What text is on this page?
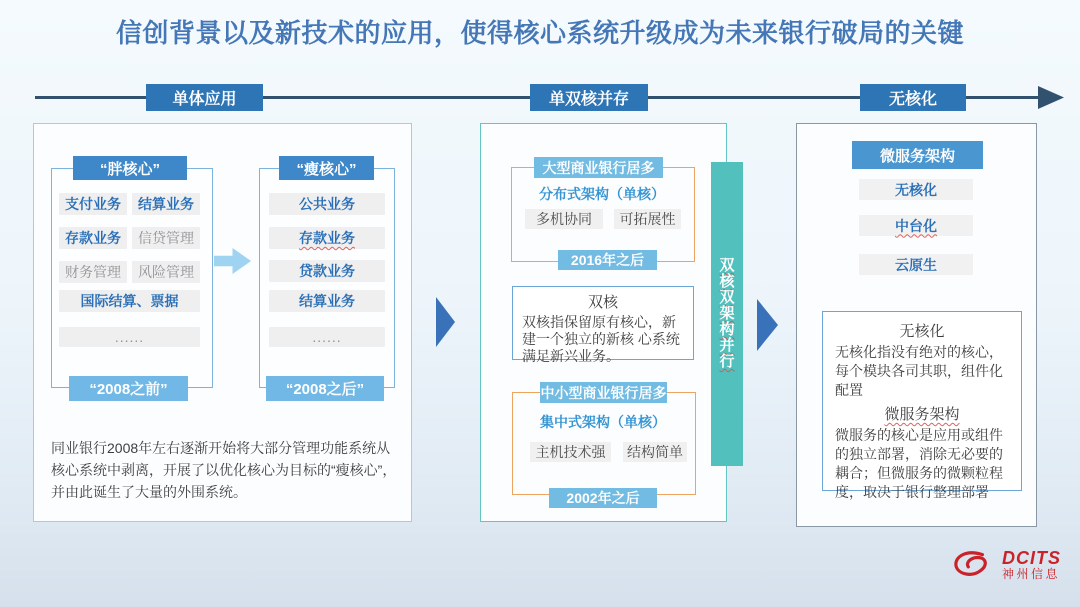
信创背景以及新技术的应用，使得核心系统升级成为未来银行破局的关键
单体应用	单双核并存	无核化
支付业务	结算业务
存款业务	信贷管理
财务管理	风险管理
国际结算、票据
......
“胖核心”
“2008之前”
公共业务
存款业务
贷款业务
结算业务
......
“瘦核心”
“2008之后”
同业银行2008年左右逐渐开始将大部分管理功能系统从核心系统中剥离，开展了以优化核心为目标的“瘦核心”，并由此诞生了大量的外围系统。
大型商业银行居多
分布式架构（单核）
多机协同	可拓展性
2016年之后
双核
双核指保留原有核心，新建一个独立的新核 心系统满足新兴业务。
中小型商业银行居多
集中式架构（单核）
主机技术强	结构简单
2002年之后
双
核
双
架
构
并
行
微服务架构
无核化
中台化
云原生
无核化
无核化指没有绝对的核心，每个模块各司其职，组件化配置
微服务架构
微服务的核心是应用或组件的独立部署，消除无必要的耦合；但微服务的微颗粒程度，取决于银行整理部署
DCITS
神州信息
